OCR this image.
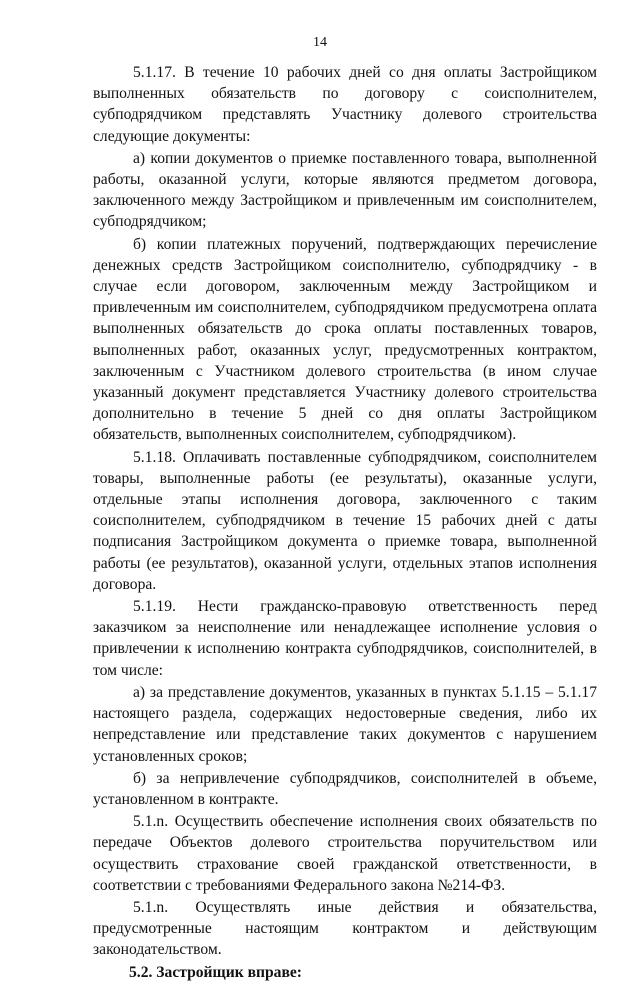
14

5.1.17. В течение 10 рабочих дней со дня оплаты Застройщиком выполненных обязательств по договору с соисполнителем, субподрядчиком представлять Участнику долевого строительства следующие документы:

а) копии документов о приемке поставленного товара, выполненной работы, оказанной услуги, которые являются предметом договора, заключенного между Застройщиком и привлеченным им соисполнителем, субподрядчиком;

б) копии платежных поручений, подтверждающих перечисление денежных средств Застройщиком соисполнителю, субподрядчику - в случае если договором, заключенным между Застройщиком и привлеченным им соисполнителем, субподрядчиком предусмотрена оплата выполненных обязательств до срока оплаты поставленных товаров, выполненных работ, оказанных услуг, предусмотренных контрактом, заключенным с Участником долевого строительства (в ином случае указанный документ представляется Участнику долевого строительства дополнительно в течение 5 дней со дня оплаты Застройщиком обязательств, выполненных соисполнителем, субподрядчиком).

5.1.18. Оплачивать поставленные субподрядчиком, соисполнителем товары, выполненные работы (ее результаты), оказанные услуги, отдельные этапы исполнения договора, заключенного с таким соисполнителем, субподрядчиком в течение 15 рабочих дней с даты подписания Застройщиком документа о приемке товара, выполненной работы (ее результатов), оказанной услуги, отдельных этапов исполнения договора.

5.1.19. Нести гражданско-правовую ответственность перед заказчиком за неисполнение или ненадлежащее исполнение условия о привлечении к исполнению контракта субподрядчиков, соисполнителей, в том числе:

а) за представление документов, указанных в пунктах 5.1.15 – 5.1.17 настоящего раздела, содержащих недостоверные сведения, либо их непредставление или представление таких документов с нарушением установленных сроков;

б) за непривлечение субподрядчиков, соисполнителей в объеме, установленном в контракте.

5.1.n. Осуществить обеспечение исполнения своих обязательств по передаче Объектов долевого строительства поручительством или осуществить страхование своей гражданской ответственности, в соответствии с требованиями Федерального закона №214-ФЗ.

5.1.n. Осуществлять иные действия и обязательства, предусмотренные настоящим контрактом и действующим законодательством.

5.2. Застройщик вправе:
